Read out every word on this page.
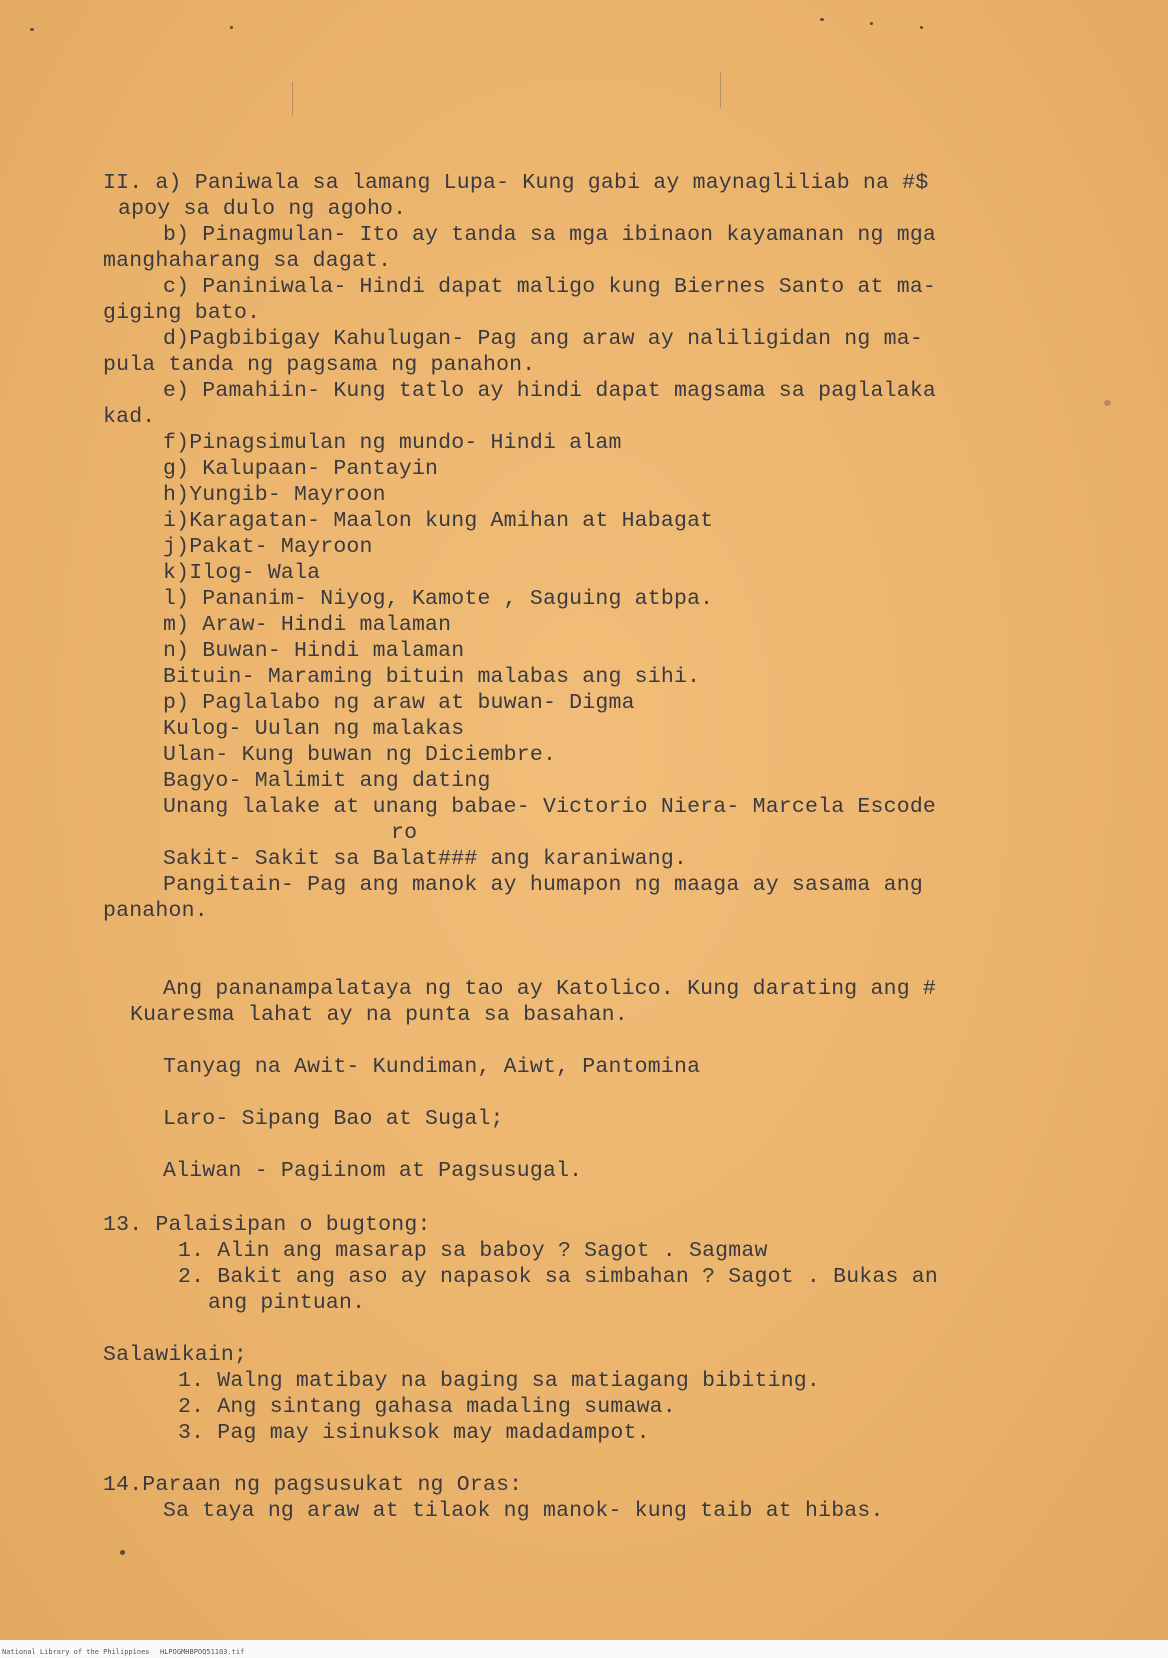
II. a) Paniwala sa lamang Lupa- Kung gabi ay maynagliliab na #$
apoy sa dulo ng agoho.
b) Pinagmulan- Ito ay tanda sa mga ibinaon kayamanan ng mga
manghaharang sa dagat.
c) Paniniwala- Hindi dapat maligo kung Biernes Santo at ma-
giging bato.
d)Pagbibigay Kahulugan- Pag ang araw ay naliligidan ng ma-
pula tanda ng pagsama ng panahon.
e) Pamahiin- Kung tatlo ay hindi dapat magsama sa paglalaka
kad.
f)Pinagsimulan ng mundo- Hindi alam
g) Kalupaan- Pantayin
h)Yungib- Mayroon
i)Karagatan- Maalon kung Amihan at Habagat
j)Pakat- Mayroon
k)Ilog- Wala
l) Pananim- Niyog, Kamote , Saguing atbpa.
m) Araw- Hindi malaman
n) Buwan- Hindi malaman
Bituin- Maraming bituin malabas ang sihi.
p) Paglalabo ng araw at buwan- Digma
Kulog- Uulan ng malakas
Ulan- Kung buwan ng Diciembre.
Bagyo- Malimit ang dating
Unang lalake at unang babae- Victorio Niera- Marcela Escode
ro
Sakit- Sakit sa Balat### ang karaniwang.
Pangitain- Pag ang manok ay humapon ng maaga ay sasama ang
panahon.
Ang pananampalataya ng tao ay Katolico. Kung darating ang #
Kuaresma lahat ay na punta sa basahan.
Tanyag na Awit- Kundiman, Aiwt, Pantomina
Laro- Sipang Bao at Sugal;
Aliwan - Pagiinom at Pagsusugal.
13. Palaisipan o bugtong:
1. Alin ang masarap sa baboy ? Sagot . Sagmaw
2. Bakit ang aso ay napasok sa simbahan ? Sagot . Bukas an
ang pintuan.
Salawikain;
1. Walng matibay na baging sa matiagang bibiting.
2. Ang sintang gahasa madaling sumawa.
3. Pag may isinuksok may madadampot.
14.Paraan ng pagsusukat ng Oras:
Sa taya ng araw at tilaok ng manok- kung taib at hibas.
National Library of the Philippines HLPOGMHBPOQ51103.tif
